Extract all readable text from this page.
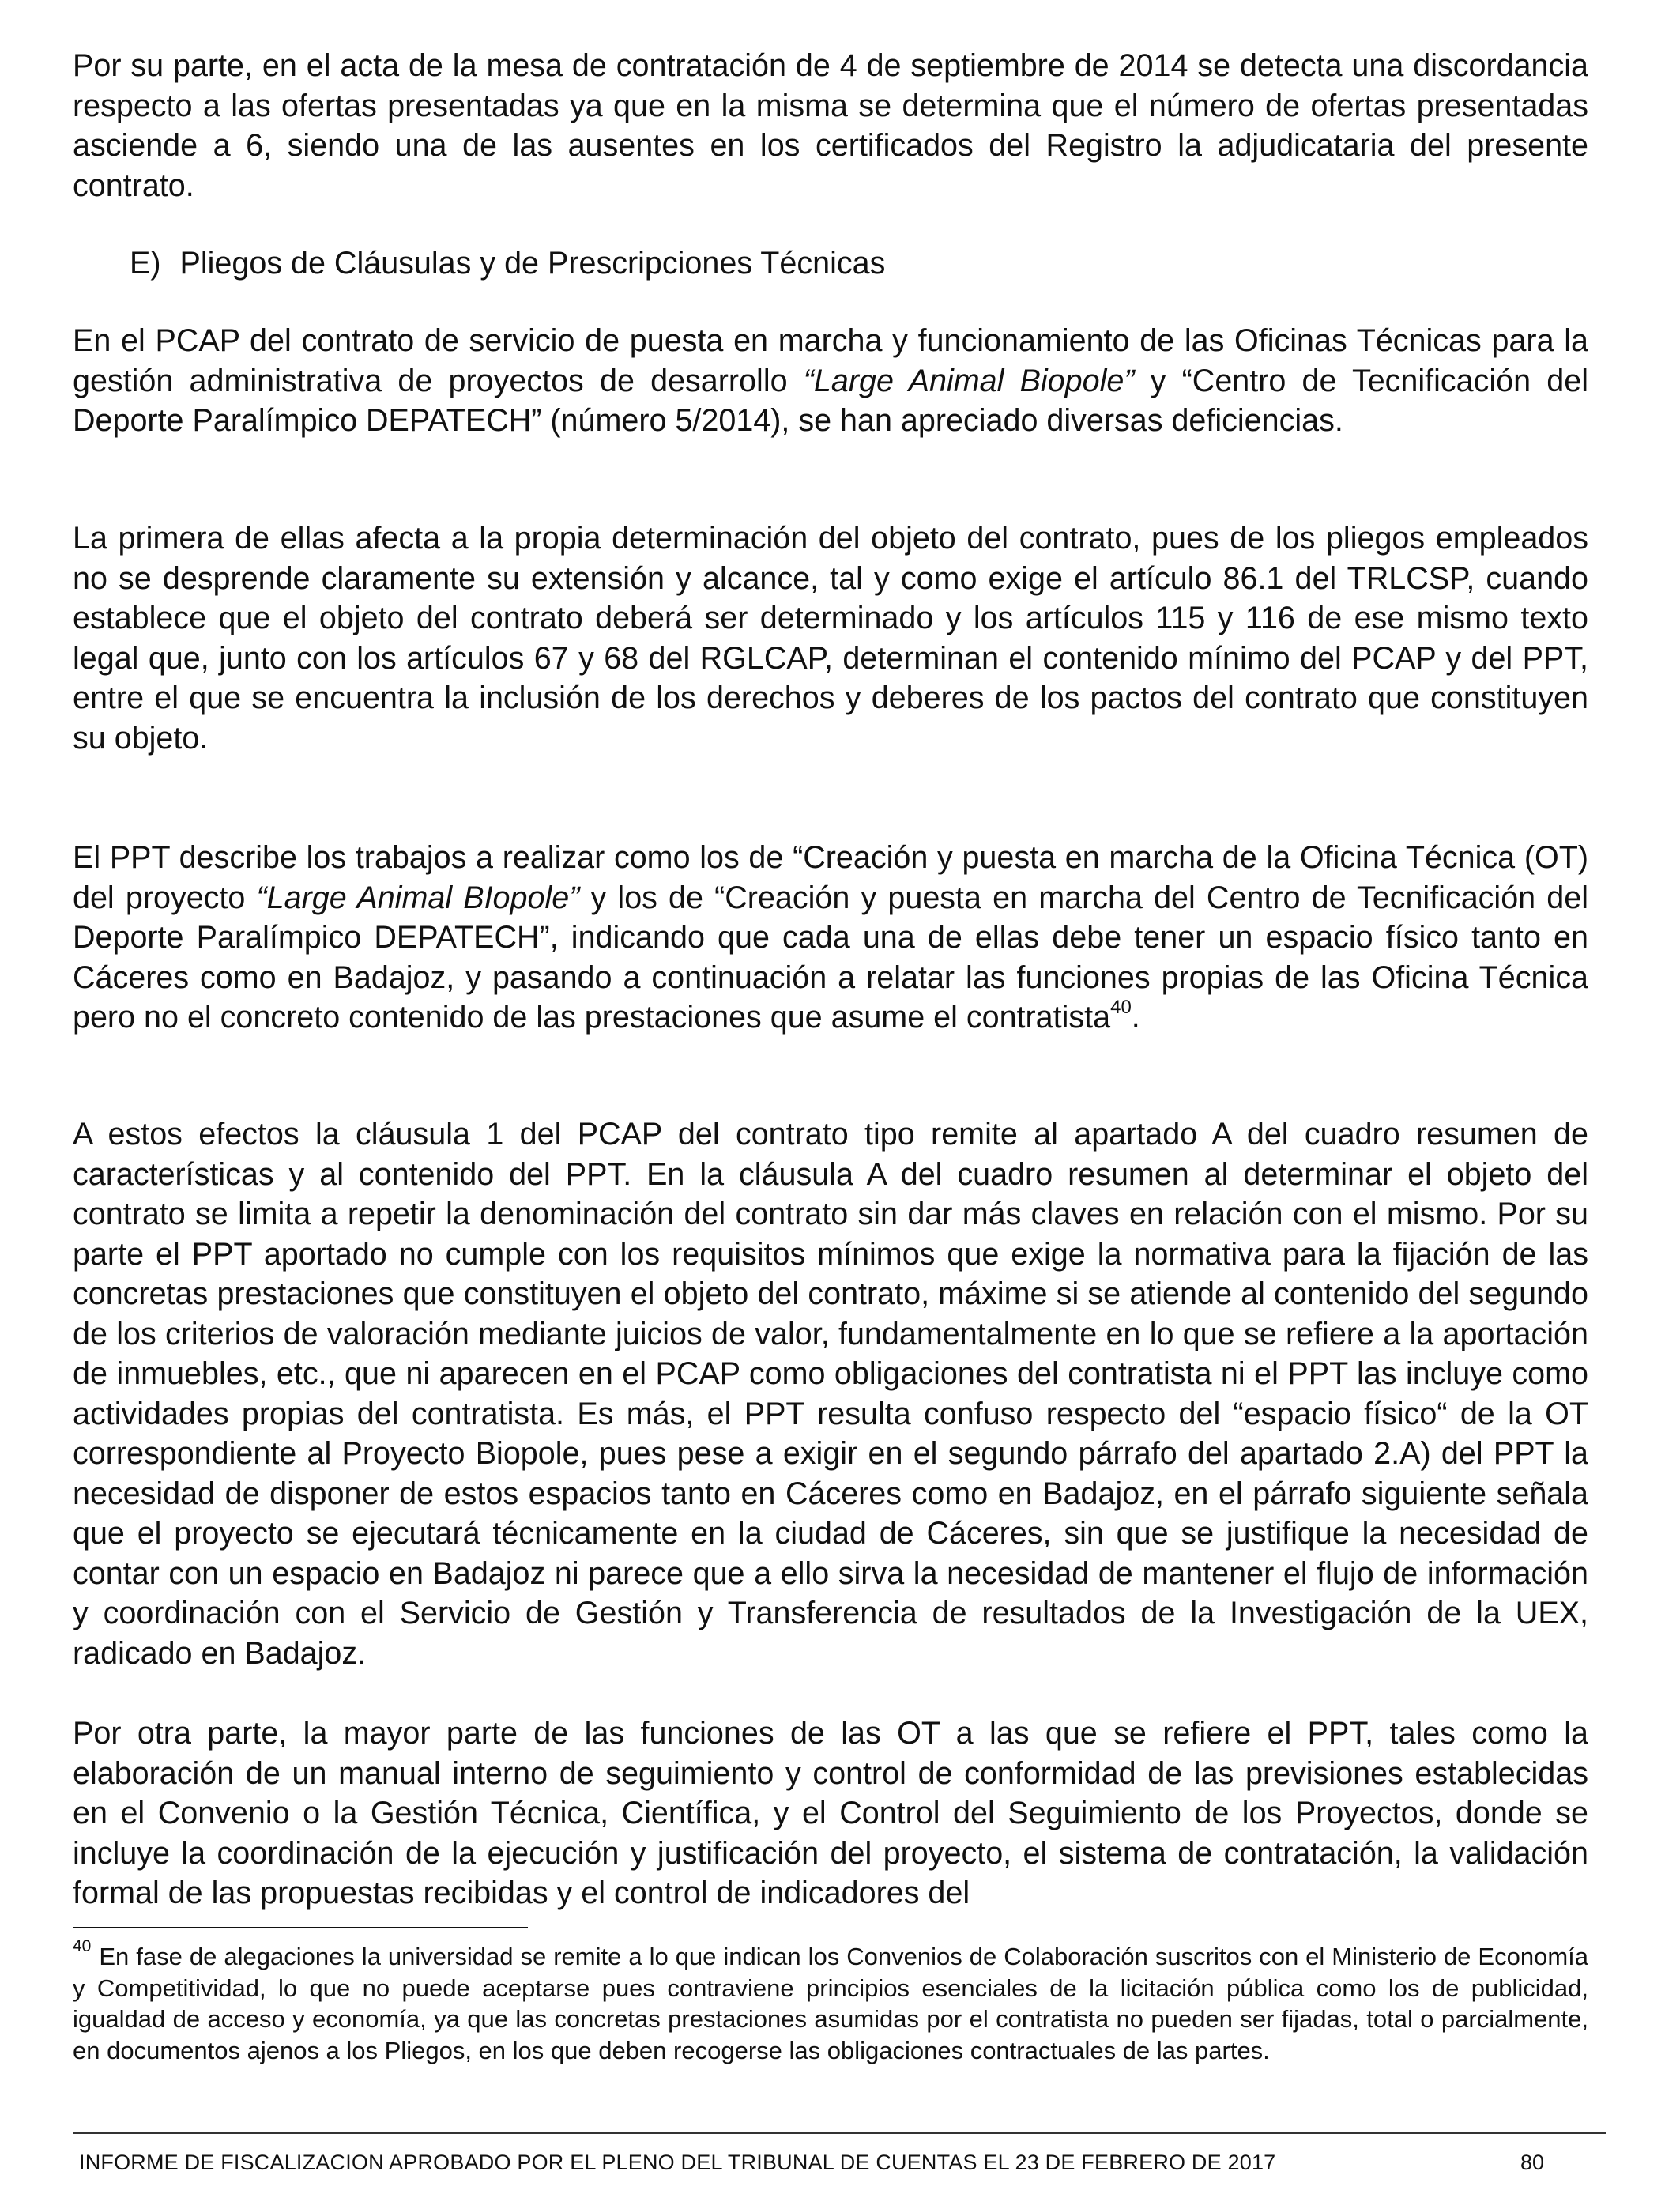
Por su parte, en el acta de la mesa de contratación de 4 de septiembre de 2014 se detecta una discordancia respecto a las ofertas presentadas ya que en la misma se determina que el número de ofertas presentadas asciende a 6, siendo una de las ausentes en los certificados del Registro la adjudicataria del presente contrato.

E) Pliegos de Cláusulas y de Prescripciones Técnicas

En el PCAP del contrato de servicio de puesta en marcha y funcionamiento de las Oficinas Técnicas para la gestión administrativa de proyectos de desarrollo “Large Animal Biopole” y “Centro de Tecnificación del Deporte Paralímpico DEPATECH” (número 5/2014), se han apreciado diversas deficiencias.

La primera de ellas afecta a la propia determinación del objeto del contrato, pues de los pliegos empleados no se desprende claramente su extensión y alcance, tal y como exige el artículo 86.1 del TRLCSP, cuando establece que el objeto del contrato deberá ser determinado y los artículos 115 y 116 de ese mismo texto legal que, junto con los artículos 67 y 68 del RGLCAP, determinan el contenido mínimo del PCAP y del PPT, entre el que se encuentra la inclusión de los derechos y deberes de los pactos del contrato que constituyen su objeto.

El PPT describe los trabajos a realizar como los de “Creación y puesta en marcha de la Oficina Técnica (OT) del proyecto “Large Animal BIopole” y los de “Creación y puesta en marcha del Centro de Tecnificación del Deporte Paralímpico DEPATECH”, indicando que cada una de ellas debe tener un espacio físico tanto en Cáceres como en Badajoz, y pasando a continuación a relatar las funciones propias de las Oficina Técnica pero no el concreto contenido de las prestaciones que asume el contratista$^{40}$.

A estos efectos la cláusula 1 del PCAP del contrato tipo remite al apartado A del cuadro resumen de características y al contenido del PPT. En la cláusula A del cuadro resumen al determinar el objeto del contrato se limita a repetir la denominación del contrato sin dar más claves en relación con el mismo. Por su parte el PPT aportado no cumple con los requisitos mínimos que exige la normativa para la fijación de las concretas prestaciones que constituyen el objeto del contrato, máxime si se atiende al contenido del segundo de los criterios de valoración mediante juicios de valor, fundamentalmente en lo que se refiere a la aportación de inmuebles, etc., que ni aparecen en el PCAP como obligaciones del contratista ni el PPT las incluye como actividades propias del contratista. Es más, el PPT resulta confuso respecto del “espacio físico“ de la OT correspondiente al Proyecto Biopole, pues pese a exigir en el segundo párrafo del apartado 2.A) del PPT la necesidad de disponer de estos espacios tanto en Cáceres como en Badajoz, en el párrafo siguiente señala que el proyecto se ejecutará técnicamente en la ciudad de Cáceres, sin que se justifique la necesidad de contar con un espacio en Badajoz ni parece que a ello sirva la necesidad de mantener el flujo de información y coordinación con el Servicio de Gestión y Transferencia de resultados de la Investigación de la UEX, radicado en Badajoz.

Por otra parte, la mayor parte de las funciones de las OT a las que se refiere el PPT, tales como la elaboración de un manual interno de seguimiento y control de conformidad de las previsiones establecidas en el Convenio o la Gestión Técnica, Científica, y el Control del Seguimiento de los Proyectos, donde se incluye la coordinación de la ejecución y justificación del proyecto, el sistema de contratación, la validación formal de las propuestas recibidas y el control de indicadores del

$^{40}$ En fase de alegaciones la universidad se remite a lo que indican los Convenios de Colaboración suscritos con el Ministerio de Economía y Competitividad, lo que no puede aceptarse pues contraviene principios esenciales de la licitación pública como los de publicidad, igualdad de acceso y economía, ya que las concretas prestaciones asumidas por el contratista no pueden ser fijadas, total o parcialmente, en documentos ajenos a los Pliegos, en los que deben recogerse las obligaciones contractuales de las partes.

INFORME DE FISCALIZACION APROBADO POR EL PLENO DEL TRIBUNAL DE CUENTAS EL 23 DE FEBRERO DE 2017	80
